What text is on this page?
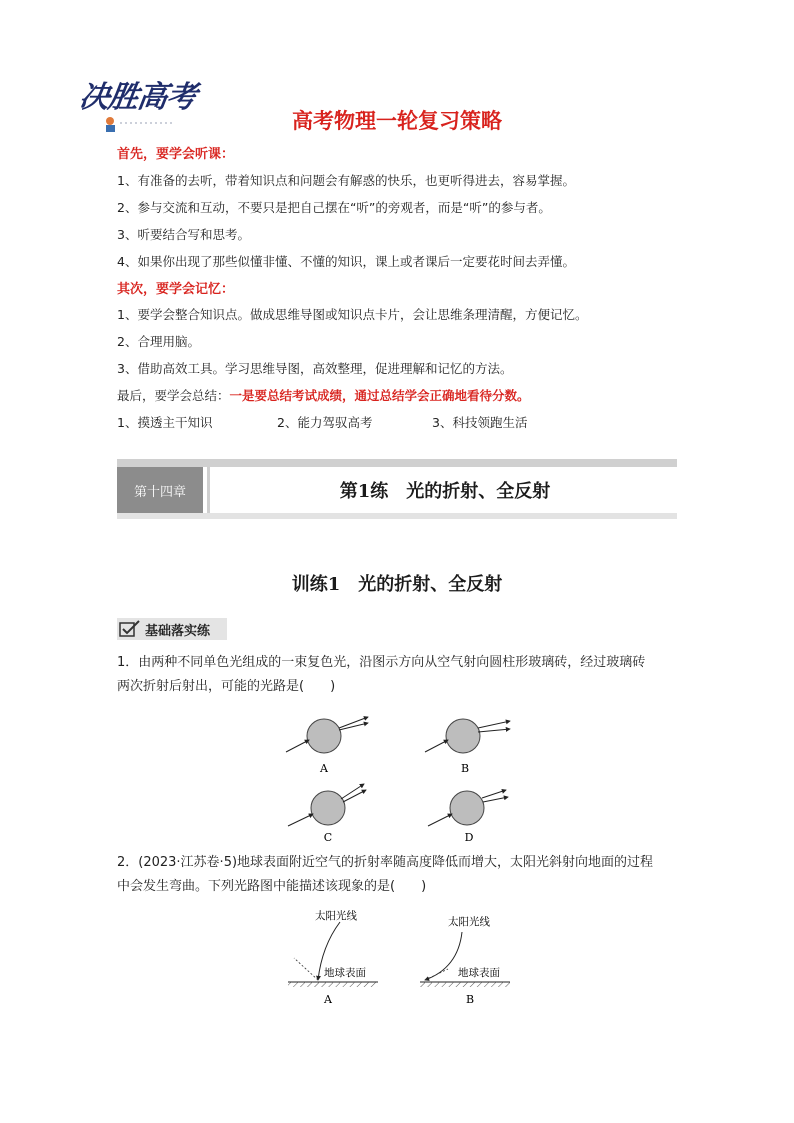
决胜高考
高考物理一轮复习策略
首先，要学会听课：
1、有准备的去听，带着知识点和问题会有解惑的快乐，也更听得进去，容易掌握。
2、参与交流和互动，不要只是把自己摆在“听”的旁观者，而是“听”的参与者。
3、听要结合写和思考。
4、如果你出现了那些似懂非懂、不懂的知识，课上或者课后一定要花时间去弄懂。
其次，要学会记忆：
1、要学会整合知识点。做成思维导图或知识点卡片，会让思维条理清醒，方便记忆。
2、合理用脑。
3、借助高效工具。学习思维导图，高效整理，促进理解和记忆的方法。
最后，要学会总结：一是要总结考试成绩，通过总结学会正确地看待分数。
1、摸透主干知识	2、能力驾驭高考	3、科技领跑生活
第十四章	第1练　光的折射、全反射
训练1　光的折射、全反射
基础落实练
1．由两种不同单色光组成的一束复色光，沿图示方向从空气射向圆柱形玻璃砖，经过玻璃砖
两次折射后射出，可能的光路是(　　)
A	B
C	D
2．(2023·江苏卷·5)地球表面附近空气的折射率随高度降低而增大，太阳光斜射向地面的过程
中会发生弯曲。下列光路图中能描述该现象的是(　　)
太阳光线
地球表面
A
太阳光线
地球表面
B
